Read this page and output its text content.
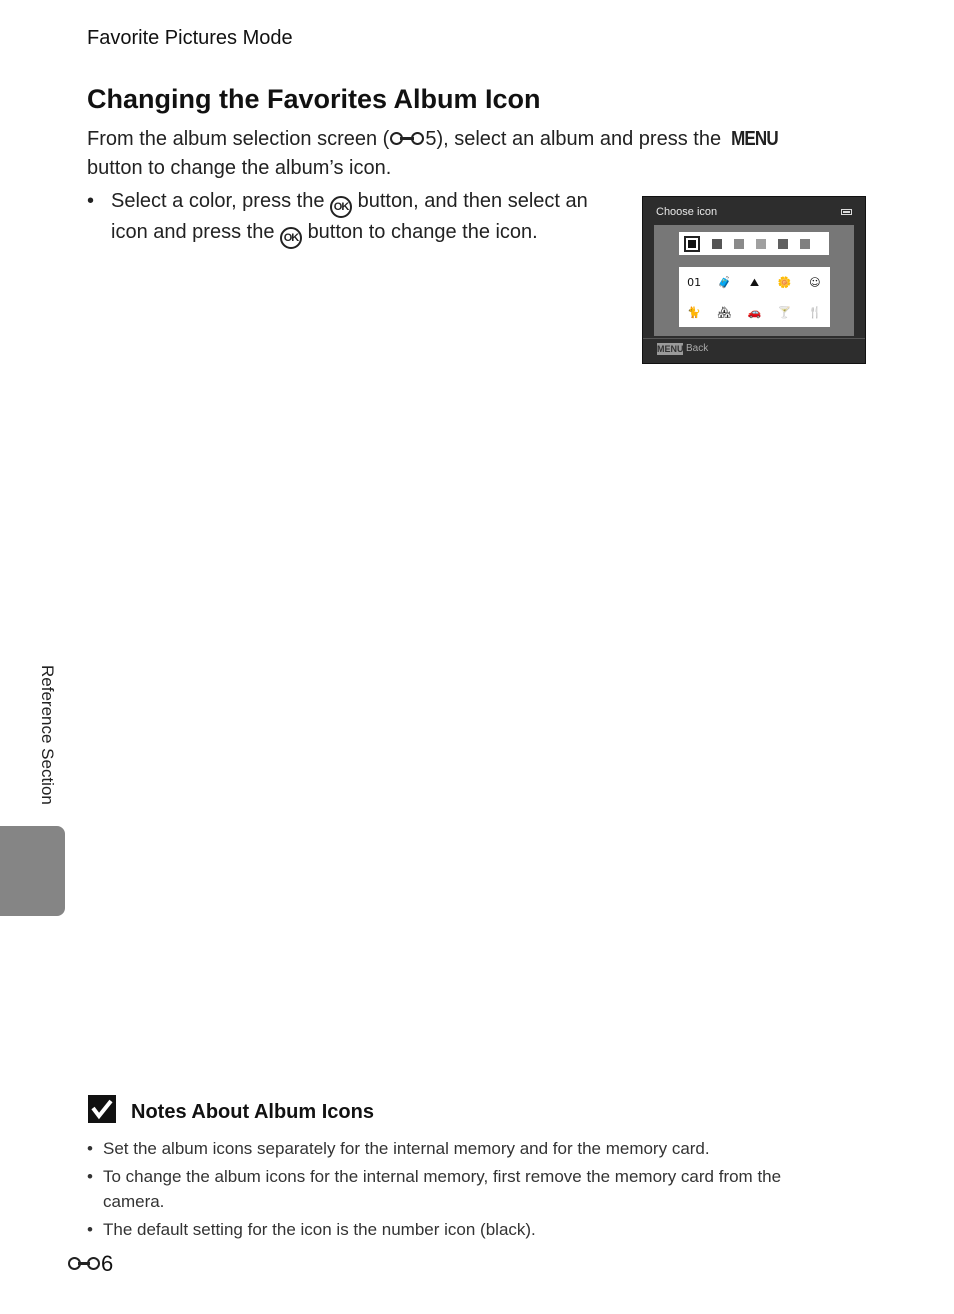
Favorite Pictures Mode
Changing the Favorites Album Icon

From the album selection screen ( 5), select an album and press the MENU button to change the album’s icon.

• Select a color, press the OK button, and then select an icon and press the OK button to change the icon.
Choose icon
01 🧳 ⛰ 🌼 ☺
🐈 🏘 🚗 🍸 🍴
MENU Back
Reference Section
Notes About Album Icons
• Set the album icons separately for the internal memory and for the memory card.
• To change the album icons for the internal memory, first remove the memory card from the camera.
• The default setting for the icon is the number icon (black).
6
